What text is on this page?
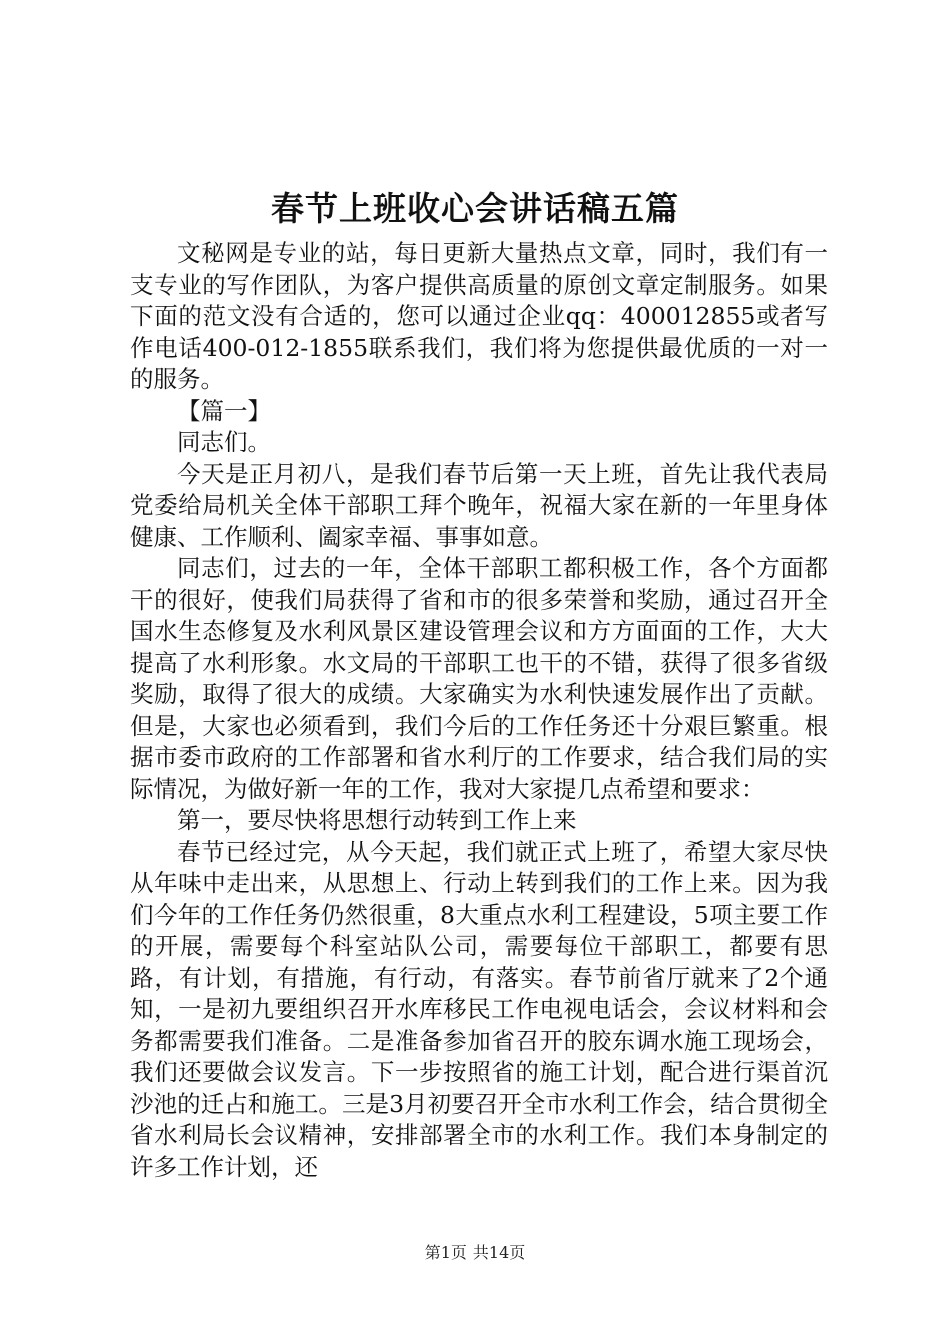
春节上班收心会讲话稿五篇

文秘网是专业的站，每日更新大量热点文章，同时，我们有一支专业的写作团队，为客户提供高质量的原创文章定制服务。如果下面的范文没有合适的，您可以通过企业qq：400012855或者写作电话400-012-1855联系我们，我们将为您提供最优质的一对一的服务。

【篇一】

同志们。

今天是正月初八，是我们春节后第一天上班，首先让我代表局党委给局机关全体干部职工拜个晚年，祝福大家在新的一年里身体健康、工作顺利、阖家幸福、事事如意。

同志们，过去的一年，全体干部职工都积极工作，各个方面都干的很好，使我们局获得了省和市的很多荣誉和奖励，通过召开全国水生态修复及水利风景区建设管理会议和方方面面的工作，大大提高了水利形象。水文局的干部职工也干的不错，获得了很多省级奖励，取得了很大的成绩。大家确实为水利快速发展作出了贡献。但是，大家也必须看到，我们今后的工作任务还十分艰巨繁重。根据市委市政府的工作部署和省水利厅的工作要求，结合我们局的实际情况，为做好新一年的工作，我对大家提几点希望和要求：

第一，要尽快将思想行动转到工作上来

春节已经过完，从今天起，我们就正式上班了，希望大家尽快从年味中走出来，从思想上、行动上转到我们的工作上来。因为我们今年的工作任务仍然很重，8大重点水利工程建设，5项主要工作的开展，需要每个科室站队公司，需要每位干部职工，都要有思路，有计划，有措施，有行动，有落实。春节前省厅就来了2个通知，一是初九要组织召开水库移民工作电视电话会，会议材料和会务都需要我们准备。二是准备参加省召开的胶东调水施工现场会，我们还要做会议发言。下一步按照省的施工计划，配合进行渠首沉沙池的迁占和施工。三是3月初要召开全市水利工作会，结合贯彻全省水利局长会议精神，安排部署全市的水利工作。我们本身制定的许多工作计划，还

第1页 共14页
